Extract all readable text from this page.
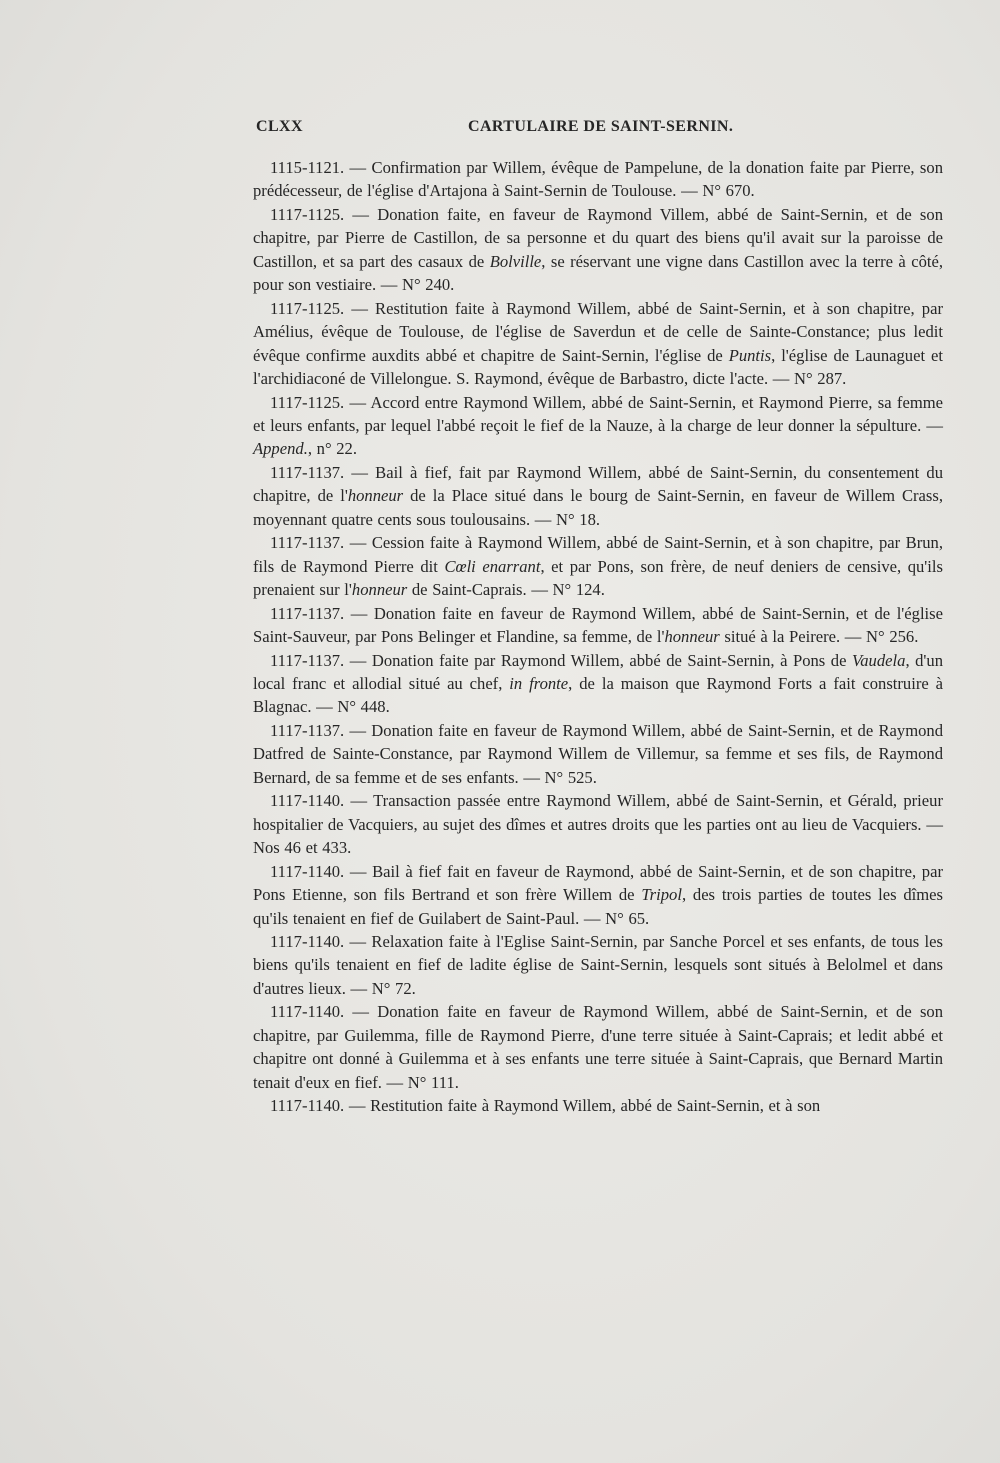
CLXX	CARTULAIRE DE SAINT-SERNIN.

1115-1121. — Confirmation par Willem, évêque de Pampelune, de la donation faite par Pierre, son prédécesseur, de l'église d'Artajona à Saint-Sernin de Toulouse. — N° 670.

1117-1125. — Donation faite, en faveur de Raymond Villem, abbé de Saint-Sernin, et de son chapitre, par Pierre de Castillon, de sa personne et du quart des biens qu'il avait sur la paroisse de Castillon, et sa part des casaux de Bolville, se réservant une vigne dans Castillon avec la terre à côté, pour son vestiaire. — N° 240.

1117-1125. — Restitution faite à Raymond Willem, abbé de Saint-Sernin, et à son chapitre, par Amélius, évêque de Toulouse, de l'église de Saverdun et de celle de Sainte-Constance; plus ledit évêque confirme auxdits abbé et chapitre de Saint-Sernin, l'église de Puntis, l'église de Launaguet et l'archidiaconé de Villelongue. S. Raymond, évêque de Barbastro, dicte l'acte. — N° 287.

1117-1125. — Accord entre Raymond Willem, abbé de Saint-Sernin, et Raymond Pierre, sa femme et leurs enfants, par lequel l'abbé reçoit le fief de la Nauze, à la charge de leur donner la sépulture. — Append., n° 22.

1117-1137. — Bail à fief, fait par Raymond Willem, abbé de Saint-Sernin, du consentement du chapitre, de l'honneur de la Place situé dans le bourg de Saint-Sernin, en faveur de Willem Crass, moyennant quatre cents sous toulousains. — N° 18.

1117-1137. — Cession faite à Raymond Willem, abbé de Saint-Sernin, et à son chapitre, par Brun, fils de Raymond Pierre dit Cœli enarrant, et par Pons, son frère, de neuf deniers de censive, qu'ils prenaient sur l'honneur de Saint-Caprais. — N° 124.

1117-1137. — Donation faite en faveur de Raymond Willem, abbé de Saint-Sernin, et de l'église Saint-Sauveur, par Pons Belinger et Flandine, sa femme, de l'honneur situé à la Peirere. — N° 256.

1117-1137. — Donation faite par Raymond Willem, abbé de Saint-Sernin, à Pons de Vaudela, d'un local franc et allodial situé au chef, in fronte, de la maison que Raymond Forts a fait construire à Blagnac. — N° 448.

1117-1137. — Donation faite en faveur de Raymond Willem, abbé de Saint-Sernin, et de Raymond Datfred de Sainte-Constance, par Raymond Willem de Villemur, sa femme et ses fils, de Raymond Bernard, de sa femme et de ses enfants. — N° 525.

1117-1140. — Transaction passée entre Raymond Willem, abbé de Saint-Sernin, et Gérald, prieur hospitalier de Vacquiers, au sujet des dîmes et autres droits que les parties ont au lieu de Vacquiers. — Nos 46 et 433.

1117-1140. — Bail à fief fait en faveur de Raymond, abbé de Saint-Sernin, et de son chapitre, par Pons Etienne, son fils Bertrand et son frère Willem de Tripol, des trois parties de toutes les dîmes qu'ils tenaient en fief de Guilabert de Saint-Paul. — N° 65.

1117-1140. — Relaxation faite à l'Eglise Saint-Sernin, par Sanche Porcel et ses enfants, de tous les biens qu'ils tenaient en fief de ladite église de Saint-Sernin, lesquels sont situés à Belolmel et dans d'autres lieux. — N° 72.

1117-1140. — Donation faite en faveur de Raymond Willem, abbé de Saint-Sernin, et de son chapitre, par Guilemma, fille de Raymond Pierre, d'une terre située à Saint-Caprais; et ledit abbé et chapitre ont donné à Guilemma et à ses enfants une terre située à Saint-Caprais, que Bernard Martin tenait d'eux en fief. — N° 111.

1117-1140. — Restitution faite à Raymond Willem, abbé de Saint-Sernin, et à son
